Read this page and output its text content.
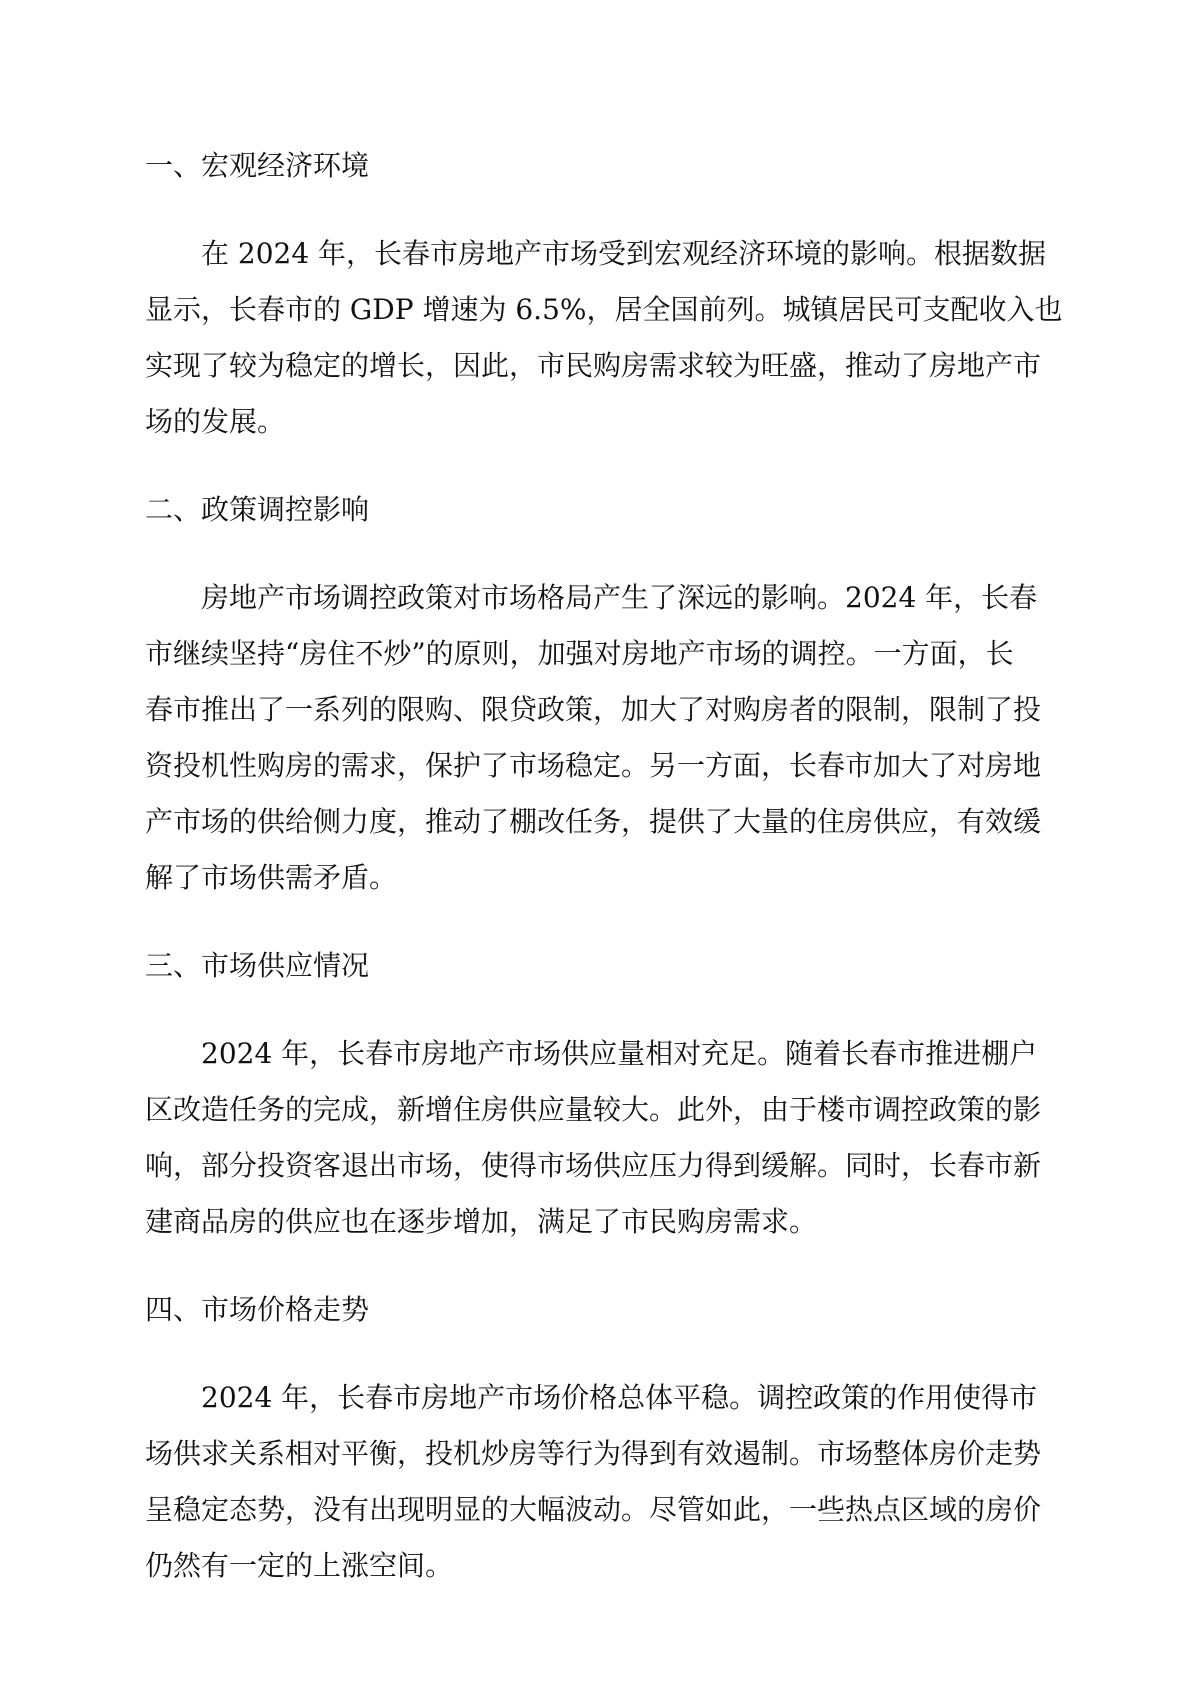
一、宏观经济环境

在 2024 年，长春市房地产市场受到宏观经济环境的影响。根据数据
显示，长春市的 GDP 增速为 6.5%，居全国前列。城镇居民可支配收入也
实现了较为稳定的增长，因此，市民购房需求较为旺盛，推动了房地产市
场的发展。

二、政策调控影响

房地产市场调控政策对市场格局产生了深远的影响。2024 年，长春
市继续坚持“房住不炒”的原则，加强对房地产市场的调控。一方面，长
春市推出了一系列的限购、限贷政策，加大了对购房者的限制，限制了投
资投机性购房的需求，保护了市场稳定。另一方面，长春市加大了对房地
产市场的供给侧力度，推动了棚改任务，提供了大量的住房供应，有效缓
解了市场供需矛盾。

三、市场供应情况

2024 年，长春市房地产市场供应量相对充足。随着长春市推进棚户
区改造任务的完成，新增住房供应量较大。此外，由于楼市调控政策的影
响，部分投资客退出市场，使得市场供应压力得到缓解。同时，长春市新
建商品房的供应也在逐步增加，满足了市民购房需求。

四、市场价格走势

2024 年，长春市房地产市场价格总体平稳。调控政策的作用使得市
场供求关系相对平衡，投机炒房等行为得到有效遏制。市场整体房价走势
呈稳定态势，没有出现明显的大幅波动。尽管如此，一些热点区域的房价
仍然有一定的上涨空间。
